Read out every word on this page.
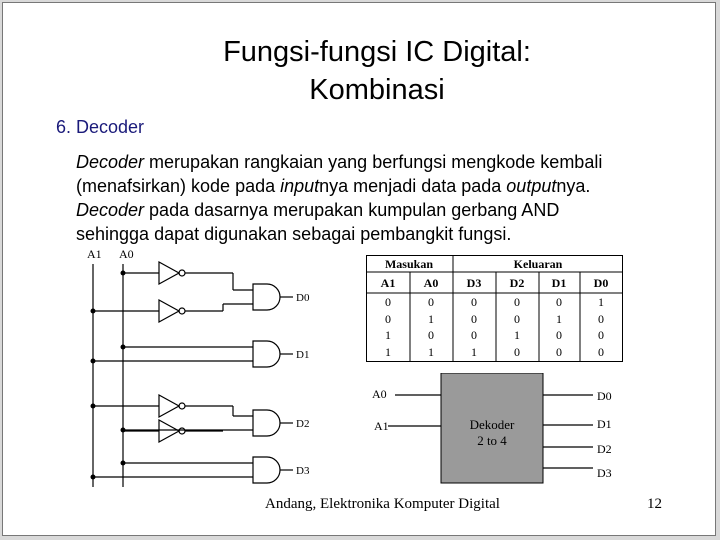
Fungsi-fungsi IC Digital:
Kombinasi
6. Decoder
Decoder merupakan rangkaian yang berfungsi mengkode kembali
(menafsirkan) kode pada inputnya menjadi data pada outputnya.
Decoder pada dasarnya merupakan kumpulan gerbang AND
sehingga dapat digunakan sebagai pembangkit fungsi.
A1 A0
D0
D1
D2
D3
Masukan	Keluaran
A1 A0 D3 D2 D1 D0
0	0	0	0	0	1
0	1	0	0	1	0
1	0	0	1	0	0
1	1	1	0	0	0
A0
A1	Dekoder
2 to 4
D0
D1
D2
D3
Andang, Elektronika Komputer Digital	12
